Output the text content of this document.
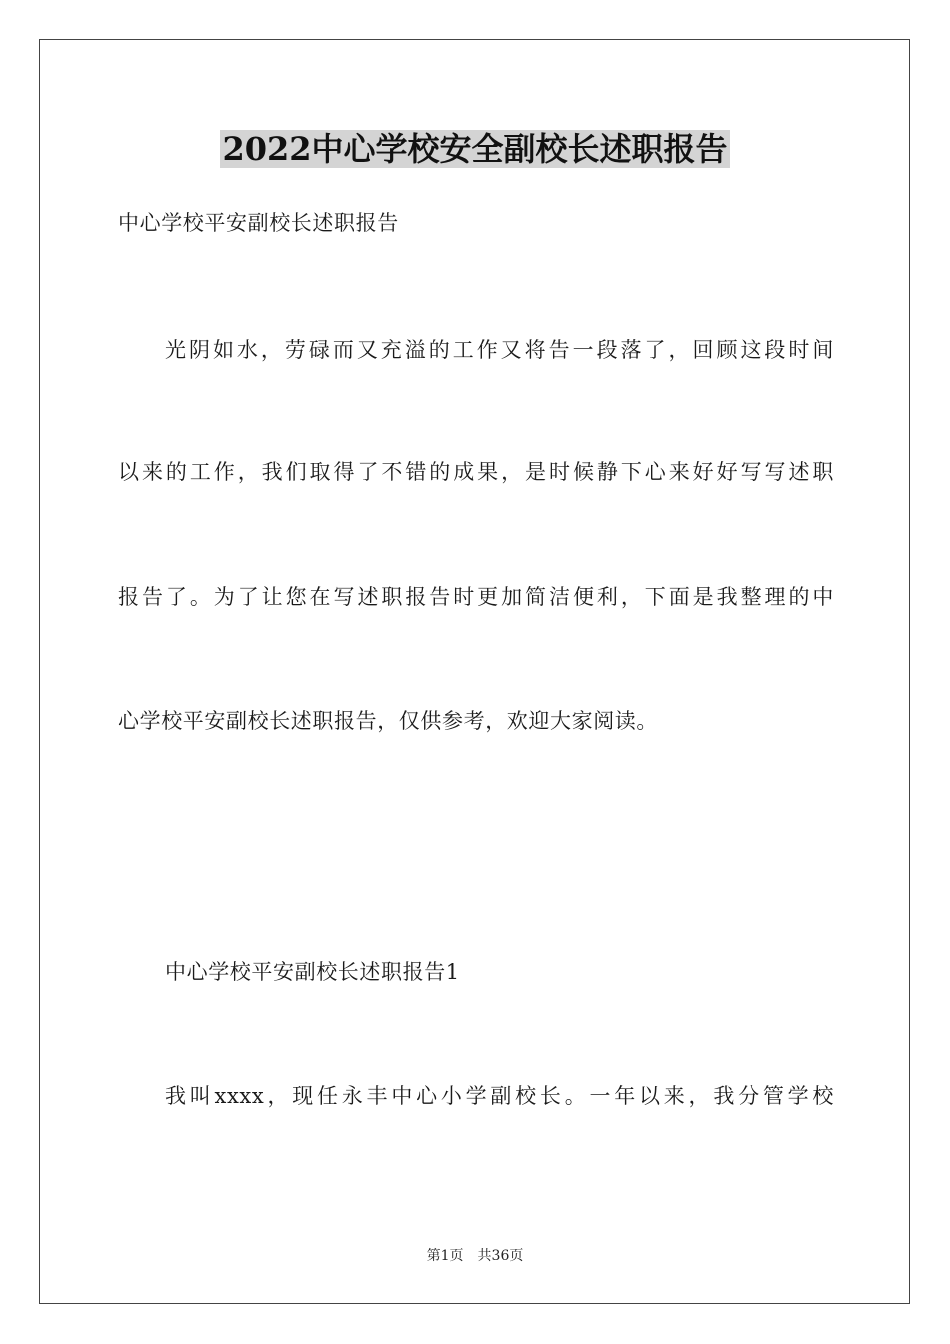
2022中心学校安全副校长述职报告
中心学校平安副校长述职报告
光阴如水，劳碌而又充溢的工作又将告一段落了，回顾这段时间
以来的工作，我们取得了不错的成果，是时候静下心来好好写写述职
报告了。为了让您在写述职报告时更加简洁便利，下面是我整理的中
心学校平安副校长述职报告，仅供参考，欢迎大家阅读。
中心学校平安副校长述职报告1
我叫xxxx，现任永丰中心小学副校长。一年以来，我分管学校
第1页 共36页
